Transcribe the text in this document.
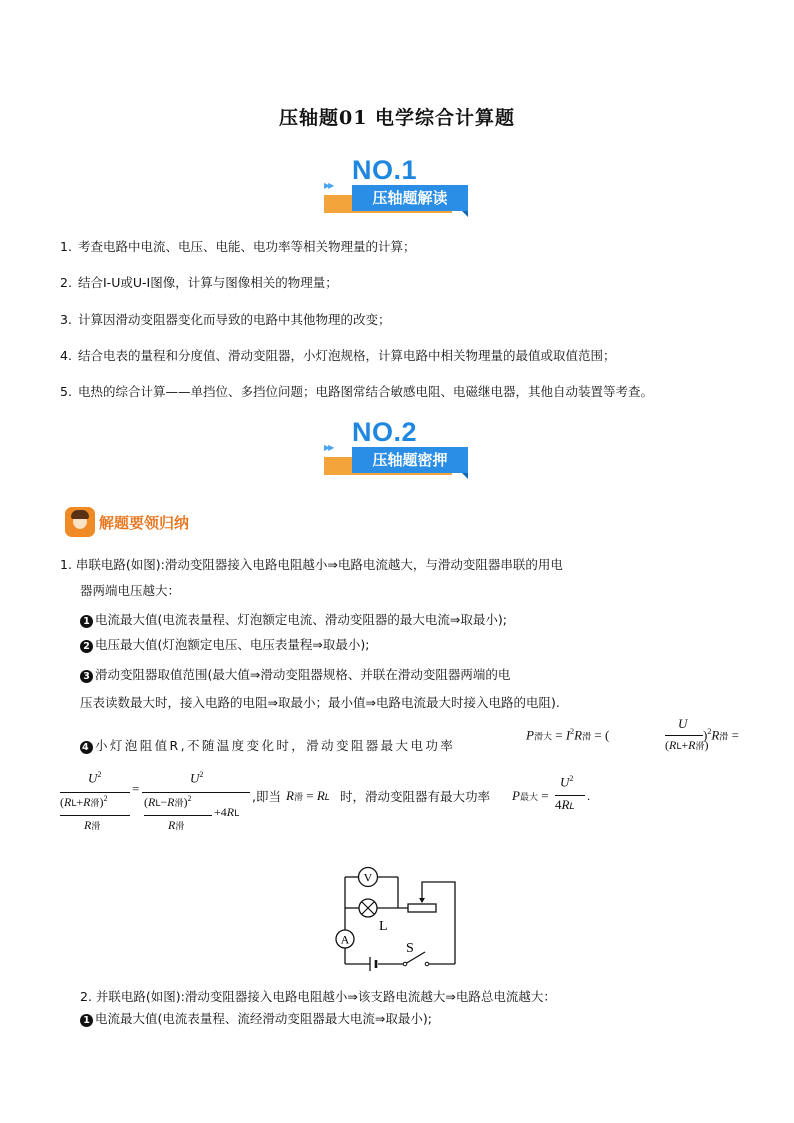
压轴题01 电学综合计算题
NO.1
▶▶
压轴题解读
1. 考查电路中电流、电压、电能、电功率等相关物理量的计算；
2. 结合I-U或U-I图像，计算与图像相关的物理量；
3. 计算因滑动变阻器变化而导致的电路中其他物理的改变；
4. 结合电表的量程和分度值、滑动变阻器，小灯泡规格，计算电路中相关物理量的最值或取值范围；
5. 电热的综合计算——单挡位、多挡位问题；电路图常结合敏感电阻、电磁继电器，其他自动装置等考查。
NO.2
▶▶
压轴题密押
解题要领归纳
1. 串联电路(如图):滑动变阻器接入电路电阻越小⇒电路电流越大，与滑动变阻器串联的用电
器两端电压越大：
1 电流最大值(电流表量程、灯泡额定电流、滑动变阻器的最大电流⇒取最小);
2 电压最大值(灯泡额定电压、电压表量程⇒取最小);
3 滑动变阻器取值范围(最大值⇒滑动变阻器规格、并联在滑动变阻器两端的电
压表读数最大时，接入电路的电阻⇒取最小；最小值⇒电路电流最大时接入电路的电阻).
4 小灯泡阻值R,不随温度变化时，滑动变阻器最大电功率
P滑大 = $I^2R$滑 = (
U
(RL+R滑)
)$^2$R滑 =
$U^2$
(RL+R滑)$^2$
R滑
=
$U^2$
(RL−R滑)$^2$
R滑
+4RL
,即当 R滑 = RL 时，滑动变阻器有最大功率 P最大 =
$U^2$
4RL
.
V
L
A
S
2. 并联电路(如图):滑动变阻器接入电路电阻越小⇒该支路电流越大⇒电路总电流越大：
1 电流最大值(电流表量程、流经滑动变阻器最大电流⇒取最小);
